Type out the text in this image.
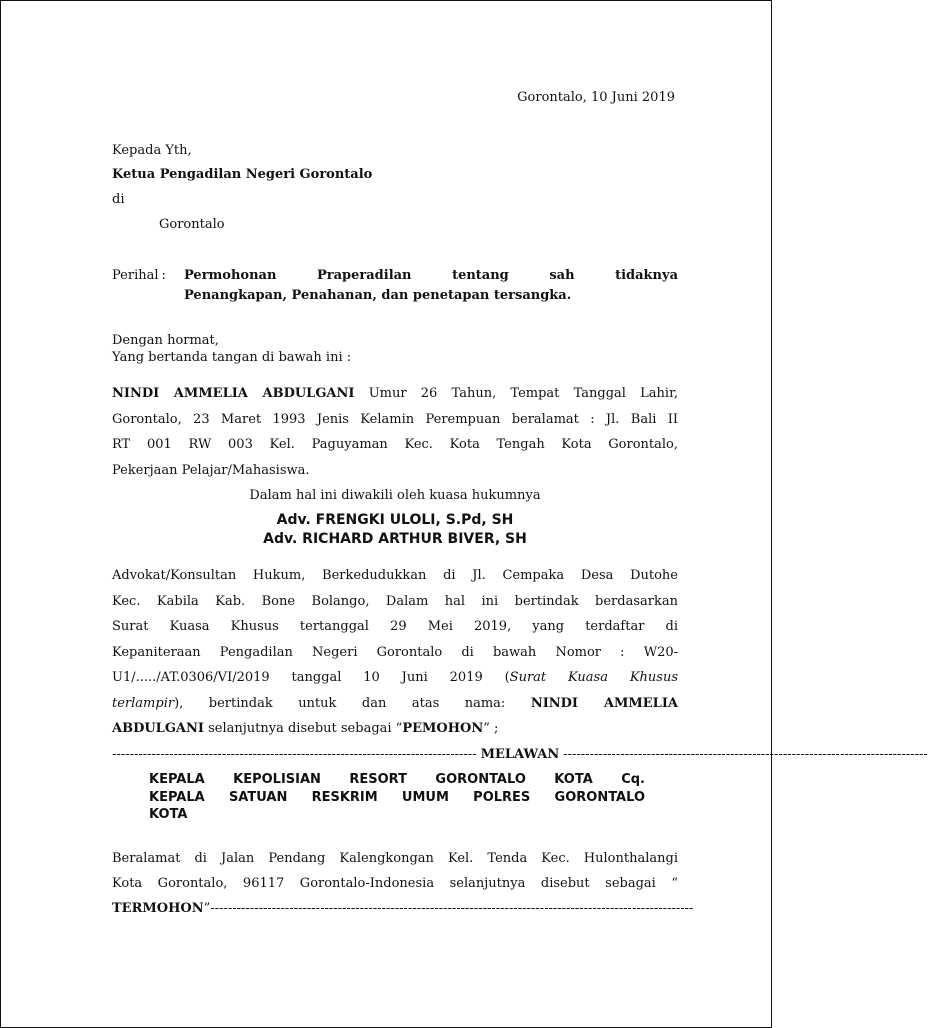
Gorontalo, 10 Juni 2019
Kepada Yth,
Ketua Pengadilan Negeri Gorontalo
di
Gorontalo
Perihal : Permohonan Praperadilan tentang sah tidaknya
Penangkapan, Penahanan, dan penetapan tersangka.
Dengan hormat,
Yang bertanda tangan di bawah ini :
NINDI AMMELIA ABDULGANI Umur 26 Tahun, Tempat Tanggal Lahir,
Gorontalo, 23 Maret 1993 Jenis Kelamin Perempuan beralamat : Jl. Bali II
RT 001 RW 003 Kel. Paguyaman Kec. Kota Tengah Kota Gorontalo,
Pekerjaan Pelajar/Mahasiswa.
Dalam hal ini diwakili oleh kuasa hukumnya
Adv. FRENGKI ULOLI, S.Pd, SH
Adv. RICHARD ARTHUR BIVER, SH
Advokat/Konsultan Hukum, Berkedudukkan di Jl. Cempaka Desa Dutohe
Kec. Kabila Kab. Bone Bolango, Dalam hal ini bertindak berdasarkan
Surat Kuasa Khusus tertanggal 29 Mei 2019, yang terdaftar di
Kepaniteraan Pengadilan Negeri Gorontalo di bawah Nomor : W20-
U1/...../AT.0306/VI/2019 tanggal 10 Juni 2019 (Surat Kuasa Khusus
terlampir), bertindak untuk dan atas nama: NINDI AMMELIA
ABDULGANI selanjutnya disebut sebagai “PEMOHON” ;
----------------------------------------------------------------------------------- MELAWAN -----------------------------------------------------------------------------------
KEPALA KEPOLISIAN RESORT GORONTALO KOTA Cq.
KEPALA SATUAN RESKRIM UMUM POLRES GORONTALO
KOTA
Beralamat di Jalan Pendang Kalengkongan Kel. Tenda Kec. Hulonthalangi
Kota Gorontalo, 96117 Gorontalo-Indonesia selanjutnya disebut sebagai “
TERMOHON ” --------------------------------------------------------------------------------------------------------------
